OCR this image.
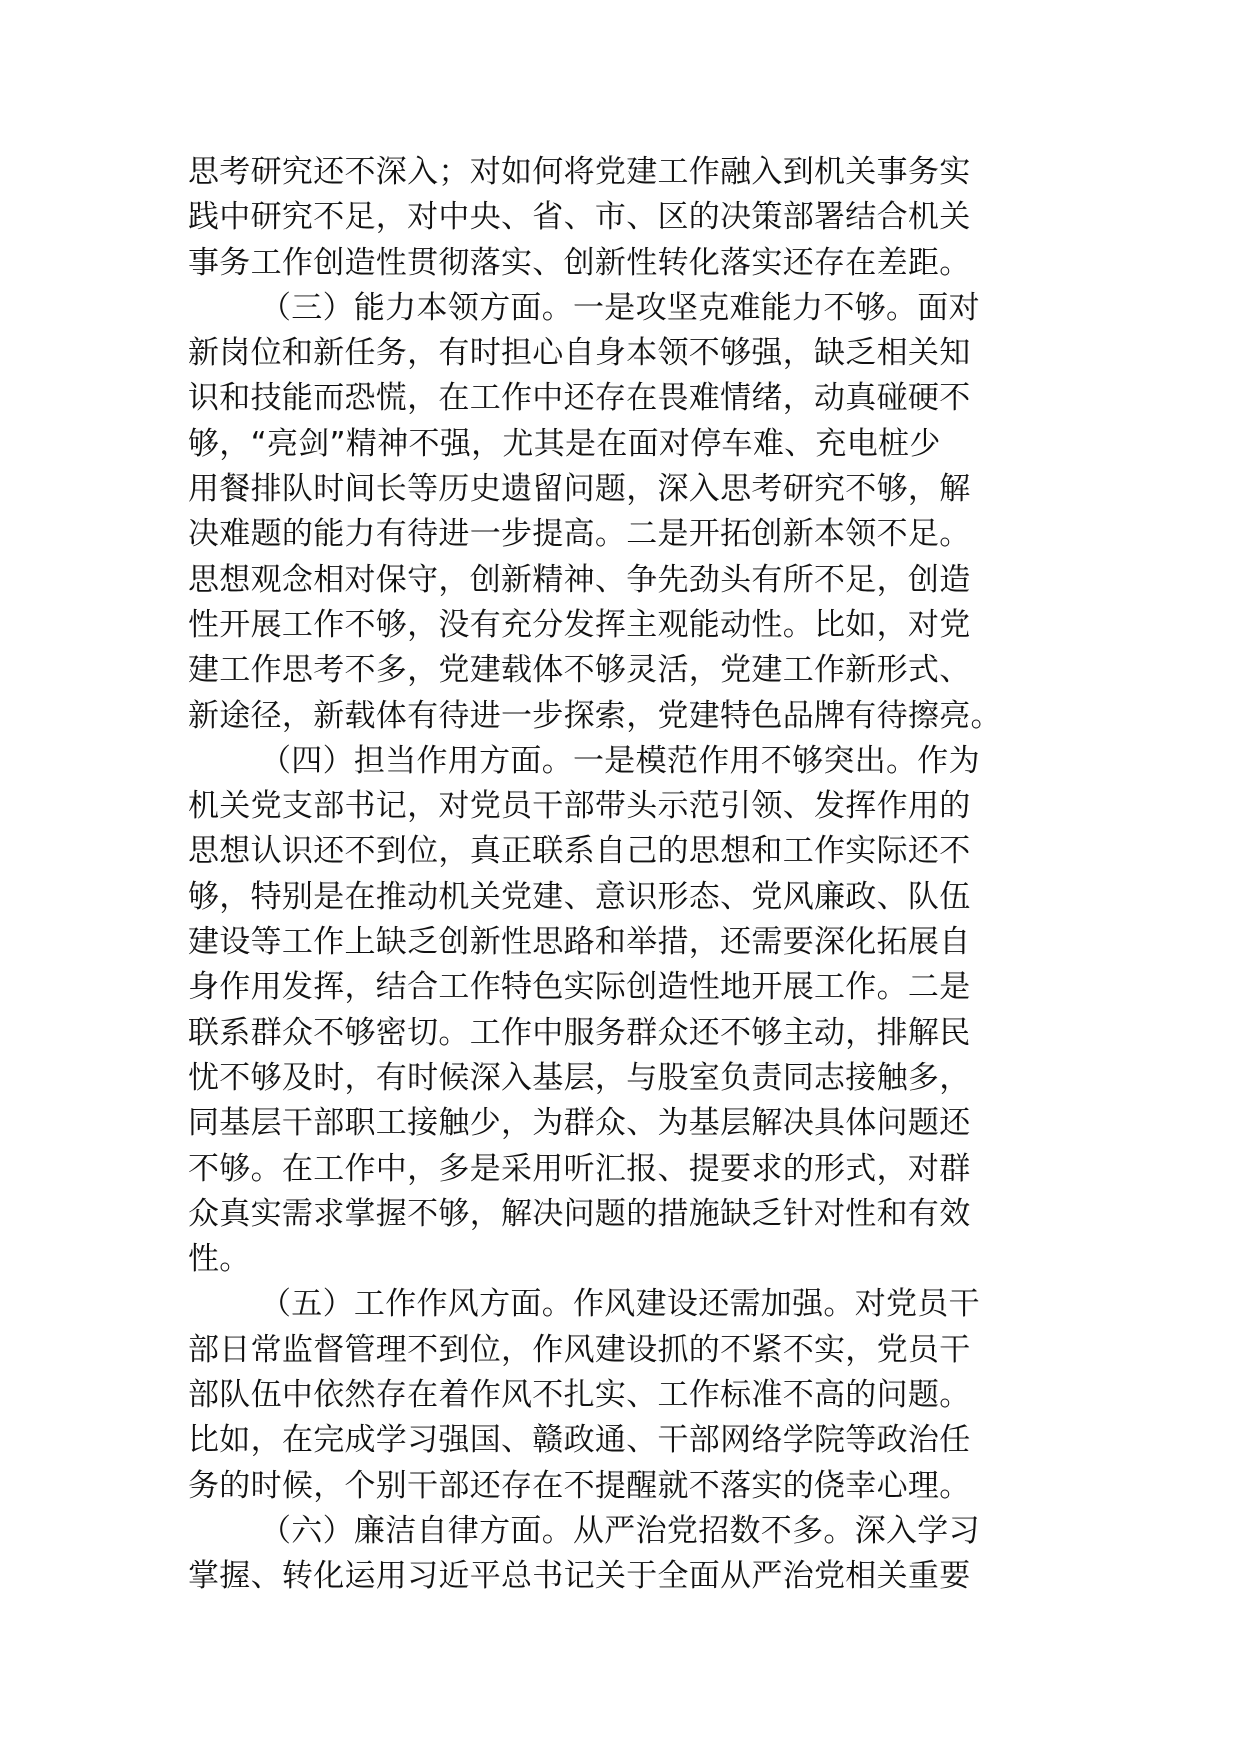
思考研究还不深入；对如何将党建工作融入到机关事务实
践中研究不足，对中央、省、市、区的决策部署结合机关
事务工作创造性贯彻落实、创新性转化落实还存在差距。
（三）能力本领方面。一是攻坚克难能力不够。面对
新岗位和新任务，有时担心自身本领不够强，缺乏相关知
识和技能而恐慌，在工作中还存在畏难情绪，动真碰硬不
够，“亮剑”精神不强，尤其是在面对停车难、充电桩少
用餐排队时间长等历史遗留问题，深入思考研究不够，解
决难题的能力有待进一步提高。二是开拓创新本领不足。
思想观念相对保守，创新精神、争先劲头有所不足，创造
性开展工作不够，没有充分发挥主观能动性。比如，对党
建工作思考不多，党建载体不够灵活，党建工作新形式、
新途径，新载体有待进一步探索，党建特色品牌有待擦亮。
（四）担当作用方面。一是模范作用不够突出。作为
机关党支部书记，对党员干部带头示范引领、发挥作用的
思想认识还不到位，真正联系自己的思想和工作实际还不
够，特别是在推动机关党建、意识形态、党风廉政、队伍
建设等工作上缺乏创新性思路和举措，还需要深化拓展自
身作用发挥，结合工作特色实际创造性地开展工作。二是
联系群众不够密切。工作中服务群众还不够主动，排解民
忧不够及时，有时候深入基层，与股室负责同志接触多，
同基层干部职工接触少，为群众、为基层解决具体问题还
不够。在工作中，多是采用听汇报、提要求的形式，对群
众真实需求掌握不够，解决问题的措施缺乏针对性和有效
性。
（五）工作作风方面。作风建设还需加强。对党员干
部日常监督管理不到位，作风建设抓的不紧不实，党员干
部队伍中依然存在着作风不扎实、工作标准不高的问题。
比如，在完成学习强国、赣政通、干部网络学院等政治任
务的时候，个别干部还存在不提醒就不落实的侥幸心理。
（六）廉洁自律方面。从严治党招数不多。深入学习
掌握、转化运用习近平总书记关于全面从严治党相关重要
